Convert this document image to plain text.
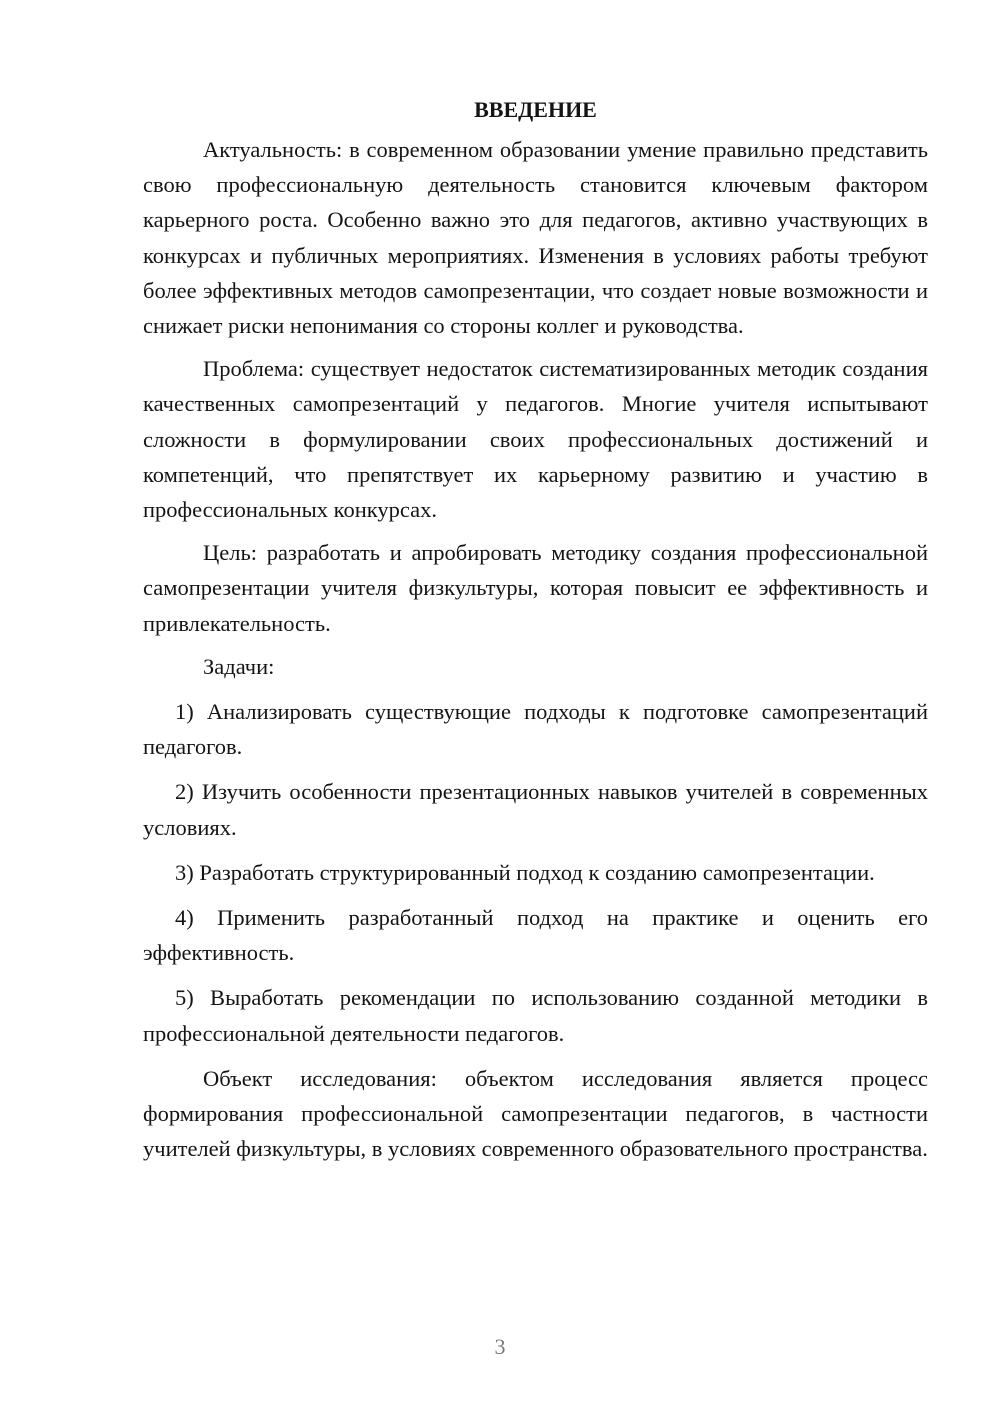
ВВЕДЕНИЕ

Актуальность: в современном образовании умение правильно представить свою профессиональную деятельность становится ключевым фактором карьерного роста. Особенно важно это для педагогов, активно участвующих в конкурсах и публичных мероприятиях. Изменения в условиях работы требуют более эффективных методов самопрезентации, что создает новые возможности и снижает риски непонимания со стороны коллег и руководства.

Проблема: существует недостаток систематизированных методик создания качественных самопрезентаций у педагогов. Многие учителя испытывают сложности в формулировании своих профессиональных достижений и компетенций, что препятствует их карьерному развитию и участию в профессиональных конкурсах.

Цель: разработать и апробировать методику создания профессиональной самопрезентации учителя физкультуры, которая повысит ее эффективность и привлекательность.

Задачи:

1) Анализировать существующие подходы к подготовке самопрезентаций педагогов.

2) Изучить особенности презентационных навыков учителей в современных условиях.

3) Разработать структурированный подход к созданию самопрезентации.

4) Применить разработанный подход на практике и оценить его эффективность.

5) Выработать рекомендации по использованию созданной методики в профессиональной деятельности педагогов.

Объект исследования: объектом исследования является процесс формирования профессиональной самопрезентации педагогов, в частности учителей физкультуры, в условиях современного образовательного пространства.

3
